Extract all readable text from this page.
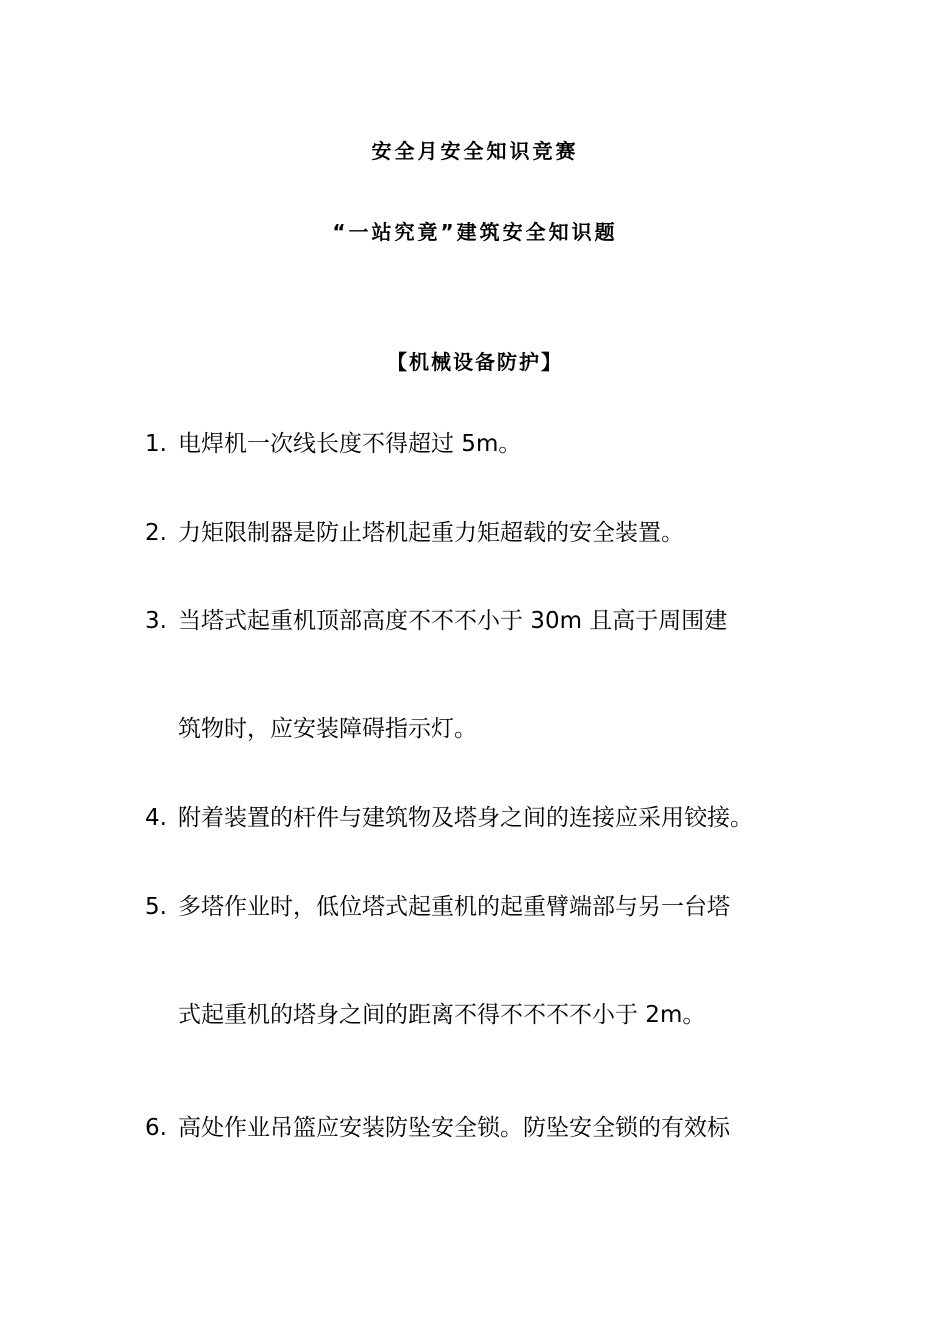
安全月安全知识竞赛
“一站究竟”建筑安全知识题
【机械设备防护】
1. 电焊机一次线长度不得超过 5m。
2. 力矩限制器是防止塔机起重力矩超载的安全装置。
3. 当塔式起重机顶部高度不不不小于 30m 且高于周围建
筑物时，应安装障碍指示灯。
4. 附着装置的杆件与建筑物及塔身之间的连接应采用铰接。
5. 多塔作业时，低位塔式起重机的起重臂端部与另一台塔
式起重机的塔身之间的距离不得不不不不小于 2m。
6. 高处作业吊篮应安装防坠安全锁。防坠安全锁的有效标
